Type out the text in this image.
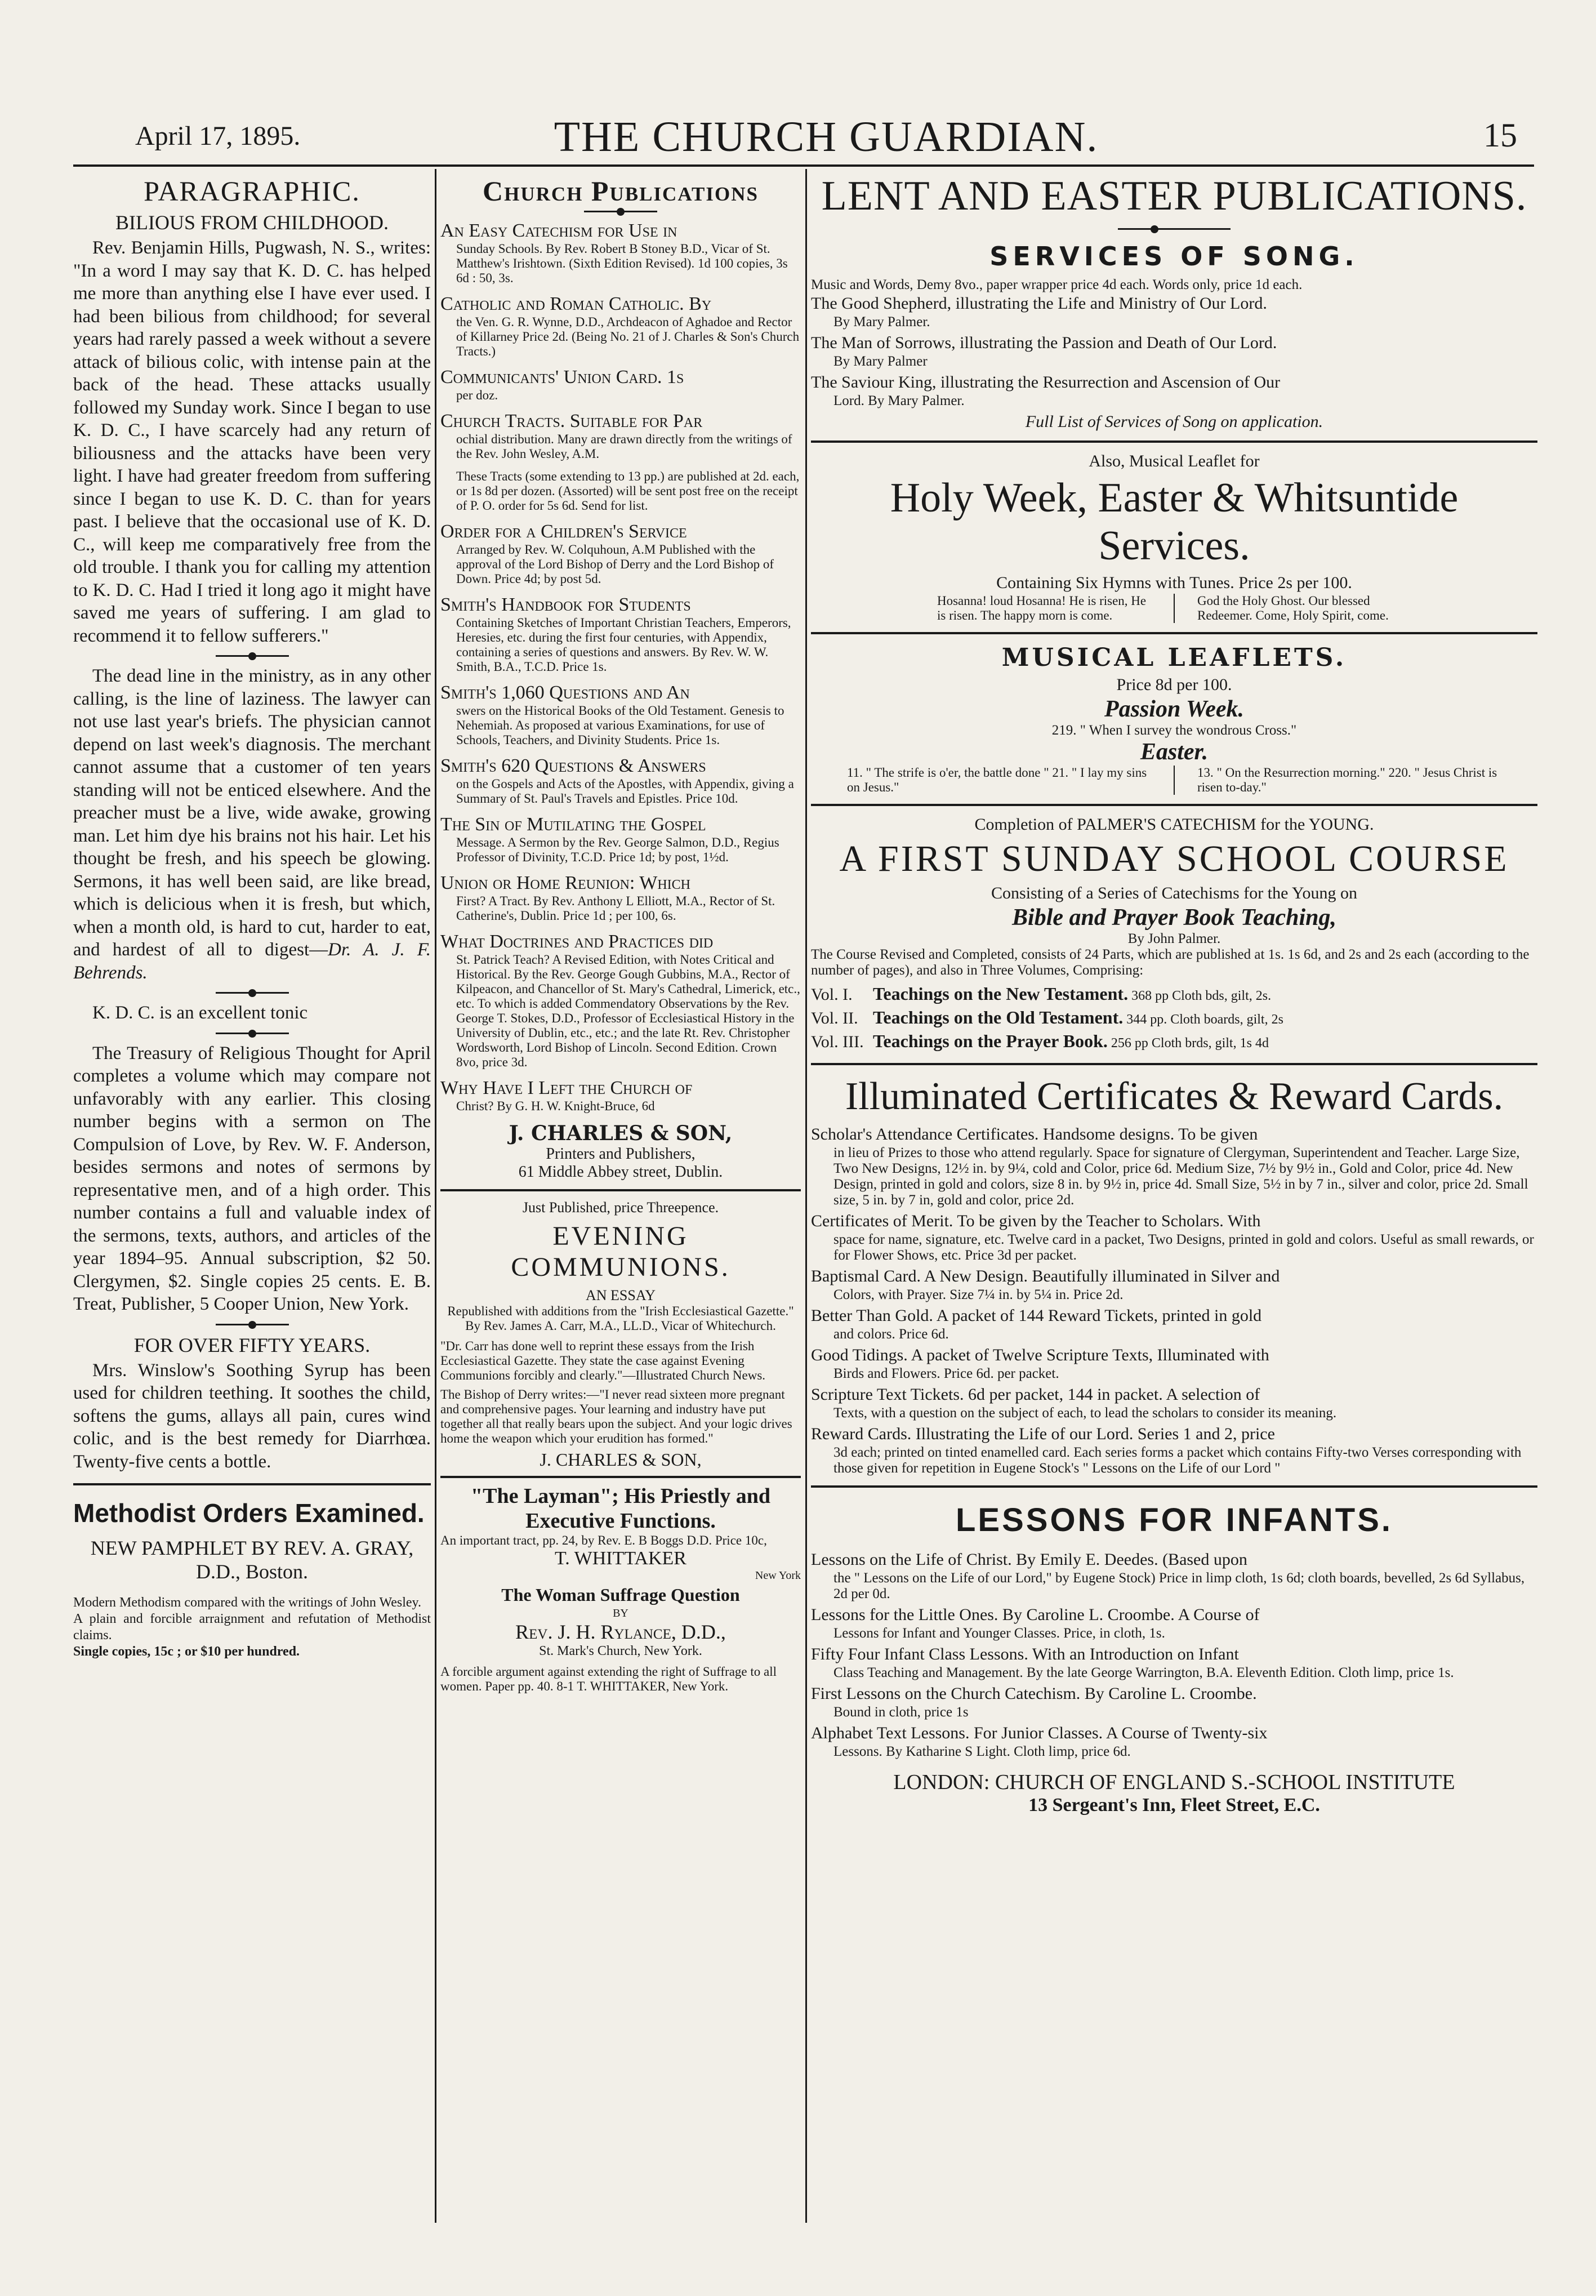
April 17, 1895.	THE CHURCH GUARDIAN.	15
PARAGRAPHIC.
BILIOUS FROM CHILDHOOD.

Rev. Benjamin Hills, Pugwash, N. S., writes: "In a word I may say that K. D. C. has helped me more than anything else I have ever used. I had been bilious from childhood; for several years had rarely passed a week without a severe attack of bilious colic, with intense pain at the back of the head. These attacks usually followed my Sunday work. Since I began to use K. D. C., I have scarcely had any return of biliousness and the attacks have been very light. I have had greater freedom from suffering since I began to use K. D. C. than for years past. I believe that the occasional use of K. D. C., will keep me comparatively free from the old trouble. I thank you for calling my attention to K. D. C. Had I tried it long ago it might have saved me years of suffering. I am glad to recommend it to fellow sufferers."

The dead line in the ministry, as in any other calling, is the line of laziness. The lawyer can not use last year's briefs. The physician cannot depend on last week's diagnosis. The merchant cannot assume that a customer of ten years standing will not be enticed elsewhere. And the preacher must be a live, wide awake, growing man. Let him dye his brains not his hair. Let his thought be fresh, and his speech be glowing. Sermons, it has well been said, are like bread, which is delicious when it is fresh, but which, when a month old, is hard to cut, harder to eat, and hardest of all to digest—Dr. A. J. F. Behrends.

K. D. C. is an excellent tonic

The Treasury of Religious Thought for April completes a volume which may compare not unfavorably with any earlier. This closing number begins with a sermon on The Compulsion of Love, by Rev. W. F. Anderson, besides sermons and notes of sermons by representative men, and of a high order. This number contains a full and valuable index of the sermons, texts, authors, and articles of the year 1894–95. Annual subscription, $2 50. Clergymen, $2. Single copies 25 cents. E. B. Treat, Publisher, 5 Cooper Union, New York.

FOR OVER FIFTY YEARS.

Mrs. Winslow's Soothing Syrup has been used for children teething. It soothes the child, softens the gums, allays all pain, cures wind colic, and is the best remedy for Diarrhœa. Twenty-five cents a bottle.

Methodist Orders Examined.
NEW PAMPHLET BY REV. A. GRAY, D.D., Boston.

Modern Methodism compared with the writings of John Wesley.

A plain and forcible arraignment and refutation of Methodist claims.

Single copies, 15c ; or $10 per hundred.

Church Publications
An Easy Catechism for Use in
Sunday Schools. By Rev. Robert B Stoney B.D., Vicar of St. Matthew's Irishtown. (Sixth Edition Revised). 1d 100 copies, 3s 6d : 50, 3s.
Catholic and Roman Catholic. By
the Ven. G. R. Wynne, D.D., Archdeacon of Aghadoe and Rector of Killarney Price 2d. (Being No. 21 of J. Charles & Son's Church Tracts.)
Communicants' Union Card. 1s
per doz.
Church Tracts. Suitable for Par
ochial distribution. Many are drawn directly from the writings of the Rev. John Wesley, A.M.
These Tracts (some extending to 13 pp.) are published at 2d. each, or 1s 8d per dozen. (Assorted) will be sent post free on the receipt of P. O. order for 5s 6d. Send for list.
Order for a Children's Service
Arranged by Rev. W. Colquhoun, A.M Published with the approval of the Lord Bishop of Derry and the Lord Bishop of Down. Price 4d; by post 5d.
Smith's Handbook for Students
Containing Sketches of Important Christian Teachers, Emperors, Heresies, etc. during the first four centuries, with Appendix, containing a series of questions and answers. By Rev. W. W. Smith, B.A., T.C.D. Price 1s.
Smith's 1,060 Questions and An
swers on the Historical Books of the Old Testament. Genesis to Nehemiah. As proposed at various Examinations, for use of Schools, Teachers, and Divinity Students. Price 1s.
Smith's 620 Questions & Answers
on the Gospels and Acts of the Apostles, with Appendix, giving a Summary of St. Paul's Travels and Epistles. Price 10d.
The Sin of Mutilating the Gospel
Message. A Sermon by the Rev. George Salmon, D.D., Regius Professor of Divinity, T.C.D. Price 1d; by post, 1½d.
Union or Home Reunion: Which
First? A Tract. By Rev. Anthony L Elliott, M.A., Rector of St. Catherine's, Dublin. Price 1d ; per 100, 6s.
What Doctrines and Practices did
St. Patrick Teach? A Revised Edition, with Notes Critical and Historical. By the Rev. George Gough Gubbins, M.A., Rector of Kilpeacon, and Chancellor of St. Mary's Cathedral, Limerick, etc., etc. To which is added Commendatory Observations by the Rev. George T. Stokes, D.D., Professor of Ecclesiastical History in the University of Dublin, etc., etc.; and the late Rt. Rev. Christopher Wordsworth, Lord Bishop of Lincoln. Second Edition. Crown 8vo, price 3d.
Why Have I Left the Church of
Christ? By G. H. W. Knight-Bruce, 6d
J. CHARLES & SON,
Printers and Publishers,
61 Middle Abbey street, Dublin.
Just Published, price Threepence.
EVENING COMMUNIONS.
AN ESSAY
Republished with additions from the "Irish Ecclesiastical Gazette."
By Rev. James A. Carr, M.A., LL.D., Vicar of Whitechurch.
"Dr. Carr has done well to reprint these essays from the Irish Ecclesiastical Gazette. They state the case against Evening Communions forcibly and clearly."—Illustrated Church News.
The Bishop of Derry writes:—"I never read sixteen more pregnant and comprehensive pages. Your learning and industry have put together all that really bears upon the subject. And your logic drives home the weapon which your erudition has formed."
J. CHARLES & SON,
"The Layman"; His Priestly and Executive Functions.
An important tract, pp. 24, by Rev. E. B Boggs D.D. Price 10c,
T. WHITTAKER
New York
The Woman Suffrage Question
BY
Rev. J. H. Rylance, D.D.,
St. Mark's Church, New York.
A forcible argument against extending the right of Suffrage to all women. Paper pp. 40. 8-1 T. WHITTAKER, New York.
LENT AND EASTER PUBLICATIONS.
SERVICES OF SONG.
Music and Words, Demy 8vo., paper wrapper price 4d each. Words only, price 1d each.
The Good Shepherd, illustrating the Life and Ministry of Our Lord.
By Mary Palmer.
The Man of Sorrows, illustrating the Passion and Death of Our Lord.
By Mary Palmer
The Saviour King, illustrating the Resurrection and Ascension of Our
Lord. By Mary Palmer.
Full List of Services of Song on application.
Also, Musical Leaflet for
Holy Week, Easter & Whitsuntide Services.
Containing Six Hymns with Tunes. Price 2s per 100.
Hosanna! loud Hosanna! He is risen, He is risen. The happy morn is come.
God the Holy Ghost. Our blessed Redeemer. Come, Holy Spirit, come.
MUSICAL LEAFLETS.
Price 8d per 100.
Passion Week.
219. " When I survey the wondrous Cross."
Easter.
11. " The strife is o'er, the battle done " 21. " I lay my sins on Jesus."
13. " On the Resurrection morning." 220. " Jesus Christ is risen to-day."
Completion of PALMER'S CATECHISM for the YOUNG.
A FIRST SUNDAY SCHOOL COURSE
Consisting of a Series of Catechisms for the Young on
Bible and Prayer Book Teaching,
By John Palmer.
The Course Revised and Completed, consists of 24 Parts, which are published at 1s. 1s 6d, and 2s and 2s each (according to the number of pages), and also in Three Volumes, Comprising:
Vol. I. Teachings on the New Testament. 368 pp Cloth bds, gilt, 2s.
Vol. II. Teachings on the Old Testament. 344 pp. Cloth boards, gilt, 2s
Vol. III. Teachings on the Prayer Book. 256 pp Cloth brds, gilt, 1s 4d
Illuminated Certificates & Reward Cards.
Scholar's Attendance Certificates. Handsome designs. To be given
in lieu of Prizes to those who attend regularly. Space for signature of Clergyman, Superintendent and Teacher. Large Size, Two New Designs, 12½ in. by 9¼, cold and Color, price 6d. Medium Size, 7½ by 9½ in., Gold and Color, price 4d. New Design, printed in gold and colors, size 8 in. by 9½ in, price 4d. Small Size, 5½ in by 7 in., silver and color, price 2d. Small size, 5 in. by 7 in, gold and color, price 2d.
Certificates of Merit. To be given by the Teacher to Scholars. With
space for name, signature, etc. Twelve card in a packet, Two Designs, printed in gold and colors. Useful as small rewards, or for Flower Shows, etc. Price 3d per packet.
Baptismal Card. A New Design. Beautifully illuminated in Silver and
Colors, with Prayer. Size 7¼ in. by 5¼ in. Price 2d.
Better Than Gold. A packet of 144 Reward Tickets, printed in gold
and colors. Price 6d.
Good Tidings. A packet of Twelve Scripture Texts, Illuminated with
Birds and Flowers. Price 6d. per packet.
Scripture Text Tickets. 6d per packet, 144 in packet. A selection of
Texts, with a question on the subject of each, to lead the scholars to consider its meaning.
Reward Cards. Illustrating the Life of our Lord. Series 1 and 2, price
3d each; printed on tinted enamelled card. Each series forms a packet which contains Fifty-two Verses corresponding with those given for repetition in Eugene Stock's " Lessons on the Life of our Lord "
LESSONS FOR INFANTS.
Lessons on the Life of Christ. By Emily E. Deedes. (Based upon
the " Lessons on the Life of our Lord," by Eugene Stock) Price in limp cloth, 1s 6d; cloth boards, bevelled, 2s 6d Syllabus, 2d per 0d.
Lessons for the Little Ones. By Caroline L. Croombe. A Course of
Lessons for Infant and Younger Classes. Price, in cloth, 1s.
Fifty Four Infant Class Lessons. With an Introduction on Infant
Class Teaching and Management. By the late George Warrington, B.A. Eleventh Edition. Cloth limp, price 1s.
First Lessons on the Church Catechism. By Caroline L. Croombe.
Bound in cloth, price 1s
Alphabet Text Lessons. For Junior Classes. A Course of Twenty-six
Lessons. By Katharine S Light. Cloth limp, price 6d.
LONDON: CHURCH OF ENGLAND S.-SCHOOL INSTITUTE
13 Sergeant's Inn, Fleet Street, E.C.
